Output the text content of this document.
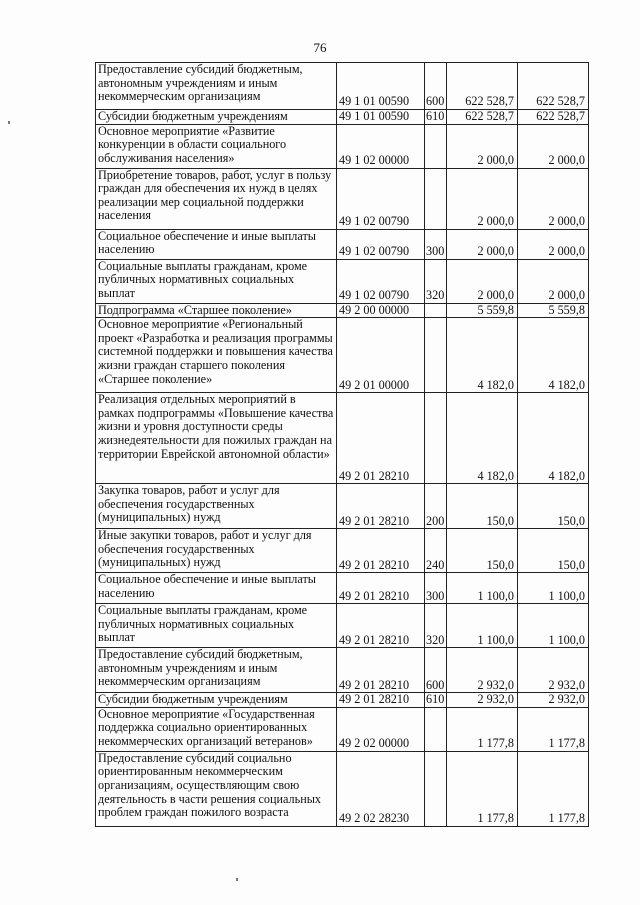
76
Предоставление субсидий бюджетным, автономным учреждениям и иным некоммерческим организациям	49 1 01 00590	600	622 528,7	622 528,7
Субсидии бюджетным учреждениям	49 1 01 00590	610	622 528,7	622 528,7
Основное мероприятие «Развитие конкуренции в области социального обслуживания населения»	49 1 02 00000		2 000,0	2 000,0
Приобретение товаров, работ, услуг в пользу граждан для обеспечения их нужд в целях реализации мер социальной поддержки населения	49 1 02 00790		2 000,0	2 000,0
Социальное обеспечение и иные выплаты населению	49 1 02 00790	300	2 000,0	2 000,0
Социальные выплаты гражданам, кроме публичных нормативных социальных выплат	49 1 02 00790	320	2 000,0	2 000,0
Подпрограмма «Старшее поколение»	49 2 00 00000		5 559,8	5 559,8
Основное мероприятие «Региональный проект «Разработка и реализация программы системной поддержки и повышения качества жизни граждан старшего поколения «Старшее поколение»	49 2 01 00000		4 182,0	4 182,0
Реализация отдельных мероприятий в рамках подпрограммы «Повышение качества жизни и уровня доступности среды жизнедеятельности для пожилых граждан на территории Еврейской автономной области»	49 2 01 28210		4 182,0	4 182,0
Закупка товаров, работ и услуг для обеспечения государственных (муниципальных) нужд	49 2 01 28210	200	150,0	150,0
Иные закупки товаров, работ и услуг для обеспечения государственных (муниципальных) нужд	49 2 01 28210	240	150,0	150,0
Социальное обеспечение и иные выплаты населению	49 2 01 28210	300	1 100,0	1 100,0
Социальные выплаты гражданам, кроме публичных нормативных социальных выплат	49 2 01 28210	320	1 100,0	1 100,0
Предоставление субсидий бюджетным, автономным учреждениям и иным некоммерческим организациям	49 2 01 28210	600	2 932,0	2 932,0
Субсидии бюджетным учреждениям	49 2 01 28210	610	2 932,0	2 932,0
Основное мероприятие «Государственная поддержка социально ориентированных некоммерческих организаций ветеранов»	49 2 02 00000		1 177,8	1 177,8
Предоставление субсидий социально ориентированным некоммерческим организациям, осуществляющим свою деятельность в части решения социальных проблем граждан пожилого возраста	49 2 02 28230		1 177,8	1 177,8
